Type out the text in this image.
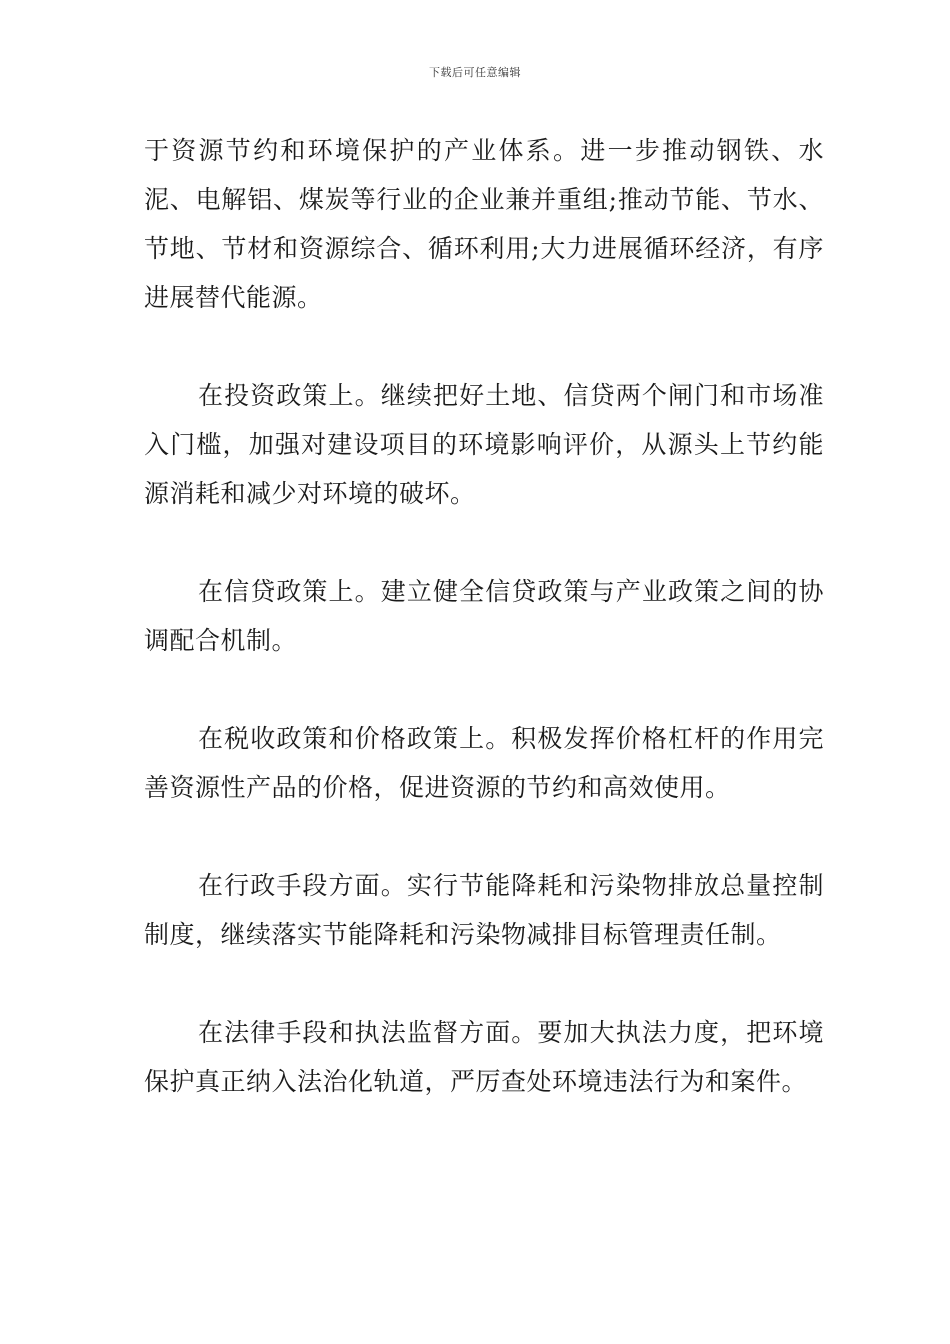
下载后可任意编辑

于资源节约和环境保护的产业体系。进一步推动钢铁、水泥、电解铝、煤炭等行业的企业兼并重组;推动节能、节水、节地、节材和资源综合、循环利用;大力进展循环经济，有序进展替代能源。

在投资政策上。继续把好土地、信贷两个闸门和市场准入门槛，加强对建设项目的环境影响评价，从源头上节约能源消耗和减少对环境的破坏。

在信贷政策上。建立健全信贷政策与产业政策之间的协调配合机制。

在税收政策和价格政策上。积极发挥价格杠杆的作用完善资源性产品的价格，促进资源的节约和高效使用。

在行政手段方面。实行节能降耗和污染物排放总量控制制度，继续落实节能降耗和污染物减排目标管理责任制。

在法律手段和执法监督方面。要加大执法力度，把环境保护真正纳入法治化轨道，严厉查处环境违法行为和案件。
